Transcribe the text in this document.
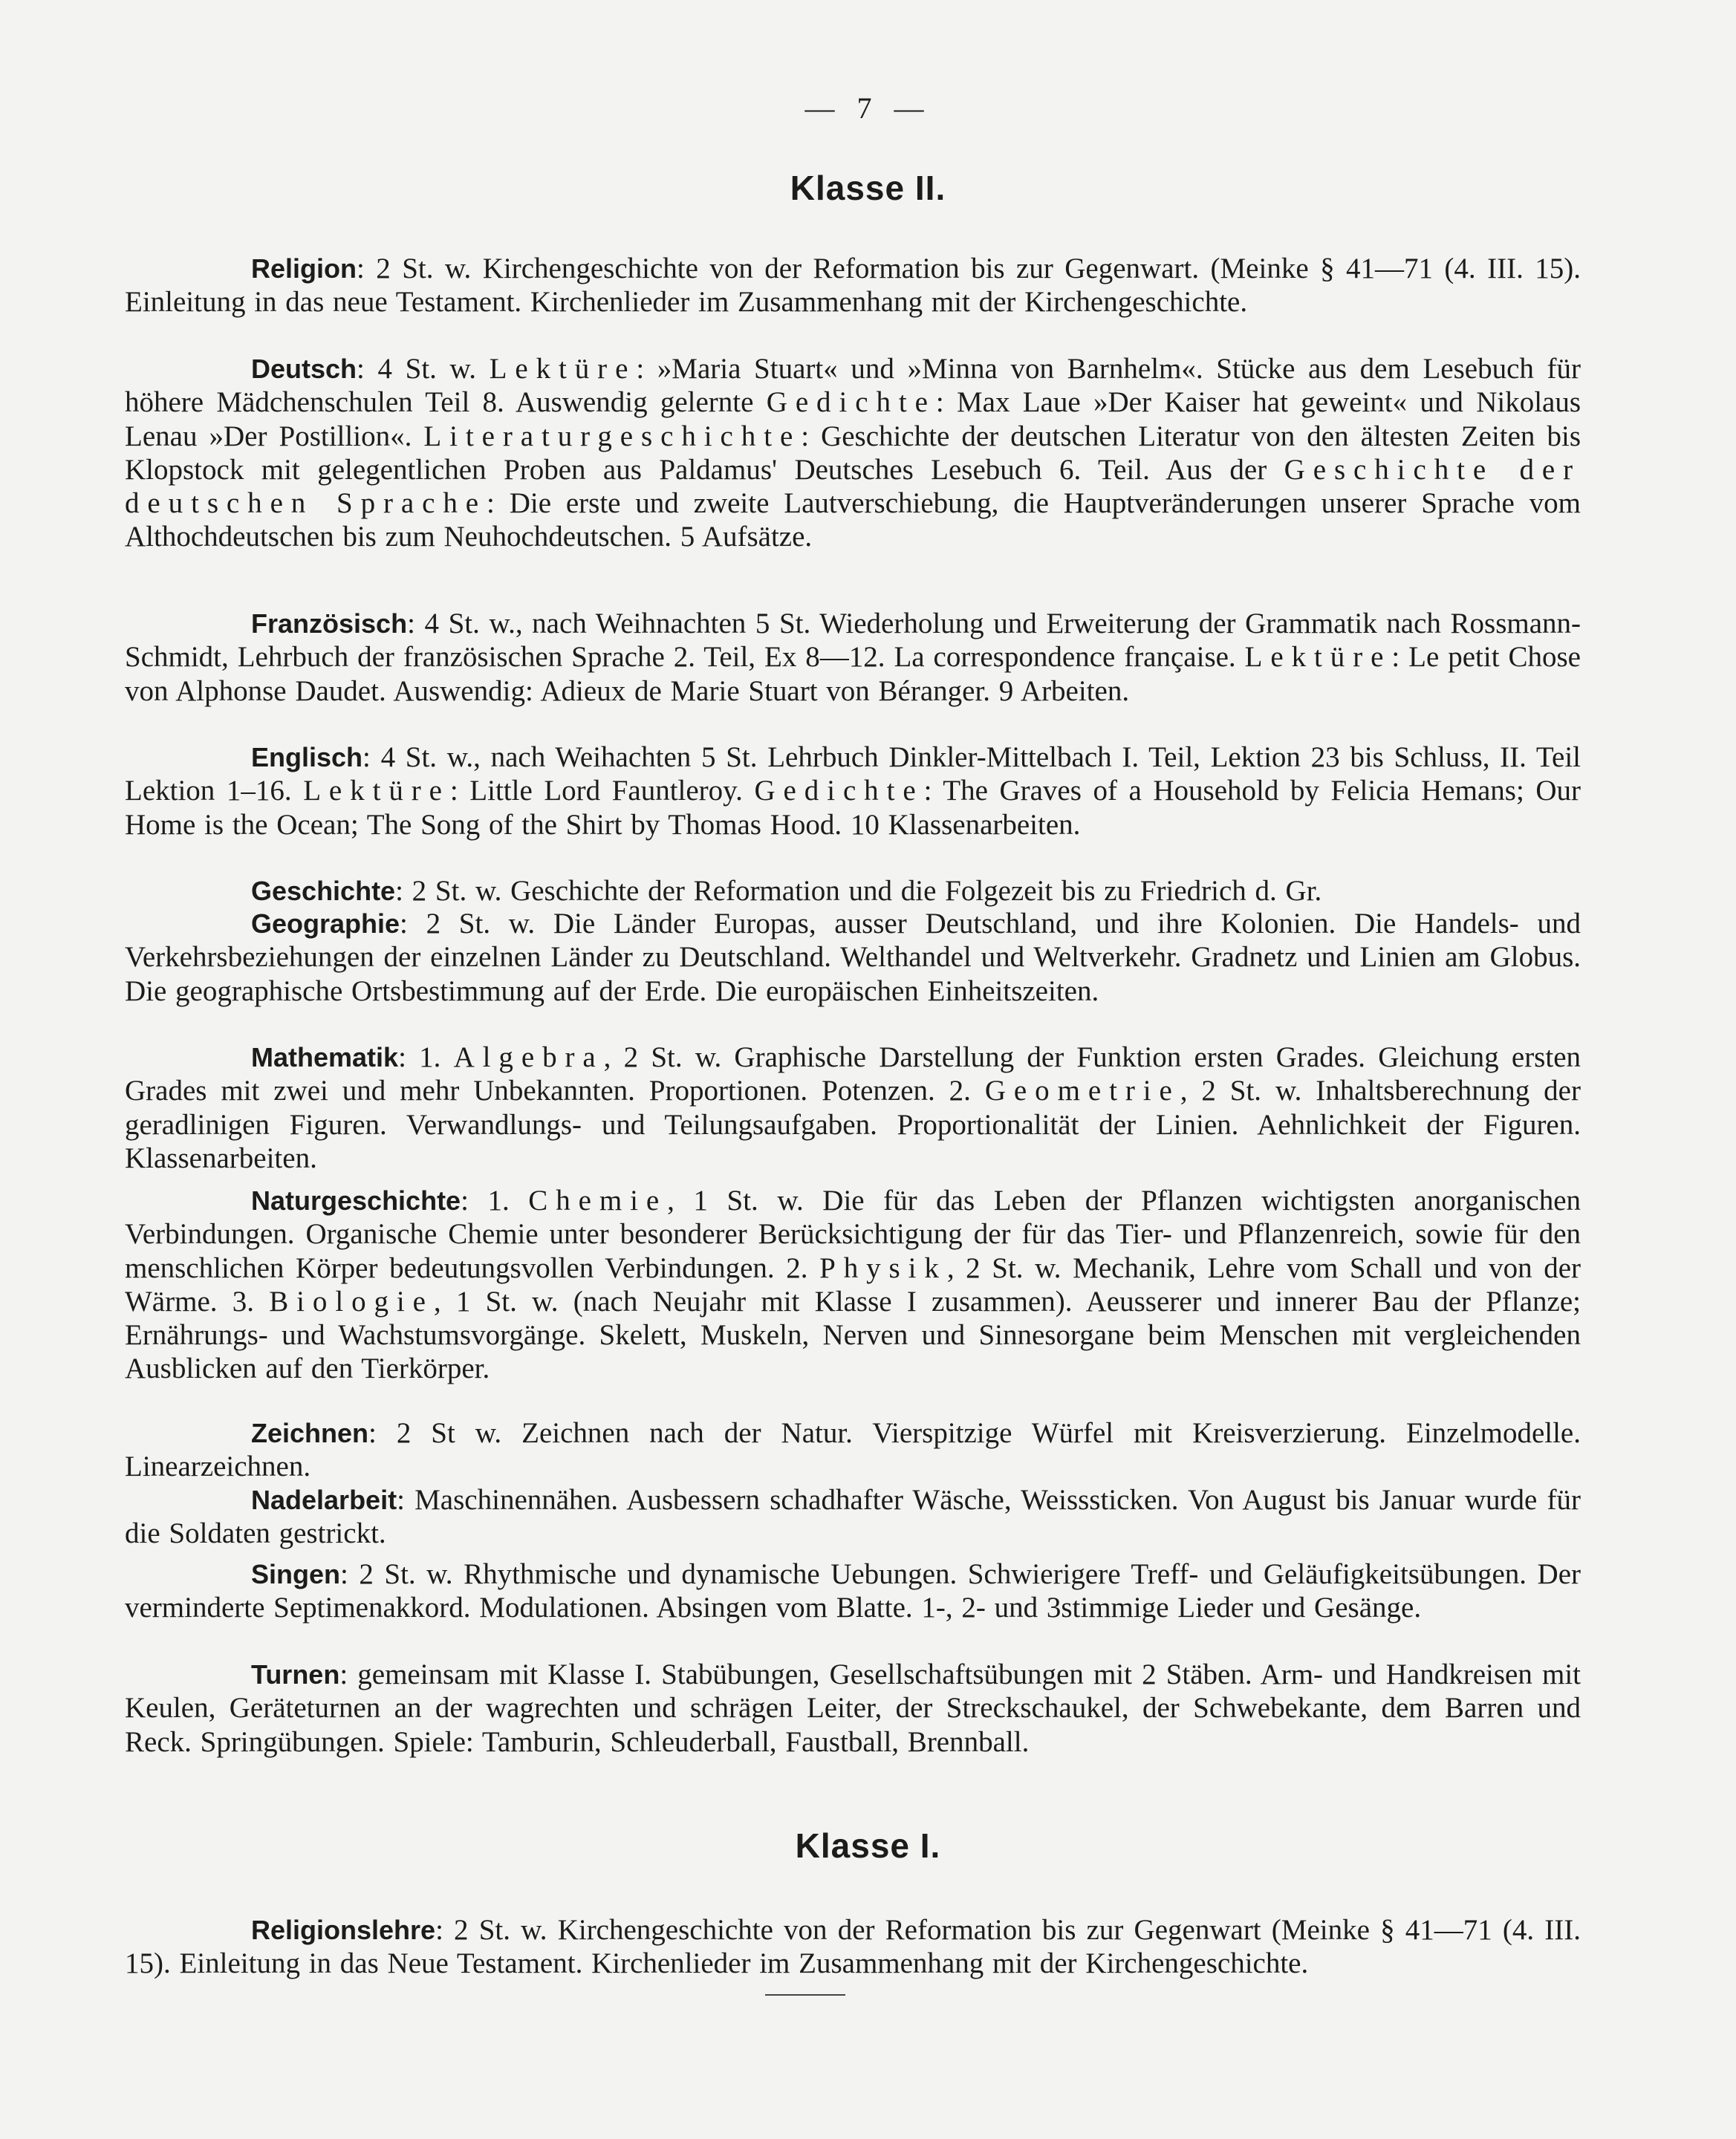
— 7 —
Klasse II.

Religion: 2 St. w. Kirchengeschichte von der Reformation bis zur Gegenwart. (Meinke § 41—71 (4. III. 15). Einleitung in das neue Testament. Kirchenlieder im Zusammenhang mit der Kirchengeschichte.

Deutsch: 4 St. w. Lektüre: »Maria Stuart« und »Minna von Barnhelm«. Stücke aus dem Lesebuch für höhere Mädchenschulen Teil 8. Auswendig gelernte Gedichte: Max Laue »Der Kaiser hat geweint« und Nikolaus Lenau »Der Postillion«. Literaturgeschichte: Geschichte der deutschen Literatur von den ältesten Zeiten bis Klopstock mit gelegentlichen Proben aus Paldamus' Deutsches Lesebuch 6. Teil. Aus der Geschichte der deutschen Sprache: Die erste und zweite Lautverschiebung, die Hauptveränderungen unserer Sprache vom Althochdeutschen bis zum Neuhochdeutschen. 5 Aufsätze.

Französisch: 4 St. w., nach Weihnachten 5 St. Wiederholung und Erweiterung der Grammatik nach Rossmann-Schmidt, Lehrbuch der französischen Sprache 2. Teil, Ex 8—12. La correspondence française. Lektüre: Le petit Chose von Alphonse Daudet. Auswendig: Adieux de Marie Stuart von Béranger. 9 Arbeiten.

Englisch: 4 St. w., nach Weihachten 5 St. Lehrbuch Dinkler-Mittelbach I. Teil, Lektion 23 bis Schluss, II. Teil Lektion 1–16. Lektüre: Little Lord Fauntleroy. Gedichte: The Graves of a Household by Felicia Hemans; Our Home is the Ocean; The Song of the Shirt by Thomas Hood. 10 Klassenarbeiten.

Geschichte: 2 St. w. Geschichte der Reformation und die Folgezeit bis zu Friedrich d. Gr.

Geographie: 2 St. w. Die Länder Europas, ausser Deutschland, und ihre Kolonien. Die Handels- und Verkehrsbeziehungen der einzelnen Länder zu Deutschland. Welthandel und Weltverkehr. Gradnetz und Linien am Globus. Die geographische Ortsbestimmung auf der Erde. Die europäischen Einheitszeiten.

Mathematik: 1. Algebra, 2 St. w. Graphische Darstellung der Funktion ersten Grades. Gleichung ersten Grades mit zwei und mehr Unbekannten. Proportionen. Potenzen. 2. Geometrie, 2 St. w. Inhaltsberechnung der geradlinigen Figuren. Verwandlungs- und Teilungsaufgaben. Proportionalität der Linien. Aehnlichkeit der Figuren. Klassenarbeiten.

Naturgeschichte: 1. Chemie, 1 St. w. Die für das Leben der Pflanzen wichtigsten anorganischen Verbindungen. Organische Chemie unter besonderer Berücksichtigung der für das Tier- und Pflanzenreich, sowie für den menschlichen Körper bedeutungsvollen Verbindungen. 2. Physik, 2 St. w. Mechanik, Lehre vom Schall und von der Wärme. 3. Biologie, 1 St. w. (nach Neujahr mit Klasse I zusammen). Aeusserer und innerer Bau der Pflanze; Ernährungs- und Wachstumsvorgänge. Skelett, Muskeln, Nerven und Sinnesorgane beim Menschen mit vergleichenden Ausblicken auf den Tierkörper.

Zeichnen: 2 St w. Zeichnen nach der Natur. Vierspitzige Würfel mit Kreisverzierung. Einzelmodelle. Linearzeichnen.

Nadelarbeit: Maschinennähen. Ausbessern schadhafter Wäsche, Weisssticken. Von August bis Januar wurde für die Soldaten gestrickt.

Singen: 2 St. w. Rhythmische und dynamische Uebungen. Schwierigere Treff- und Geläufigkeitsübungen. Der verminderte Septimenakkord. Modulationen. Absingen vom Blatte. 1-, 2- und 3stimmige Lieder und Gesänge.

Turnen: gemeinsam mit Klasse I. Stabübungen, Gesellschaftsübungen mit 2 Stäben. Arm- und Handkreisen mit Keulen, Geräteturnen an der wagrechten und schrägen Leiter, der Streckschaukel, der Schwebekante, dem Barren und Reck. Springübungen. Spiele: Tamburin, Schleuderball, Faustball, Brennball.

Klasse I.

Religionslehre: 2 St. w. Kirchengeschichte von der Reformation bis zur Gegenwart (Meinke § 41—71 (4. III. 15). Einleitung in das Neue Testament. Kirchenlieder im Zusammenhang mit der Kirchengeschichte.
